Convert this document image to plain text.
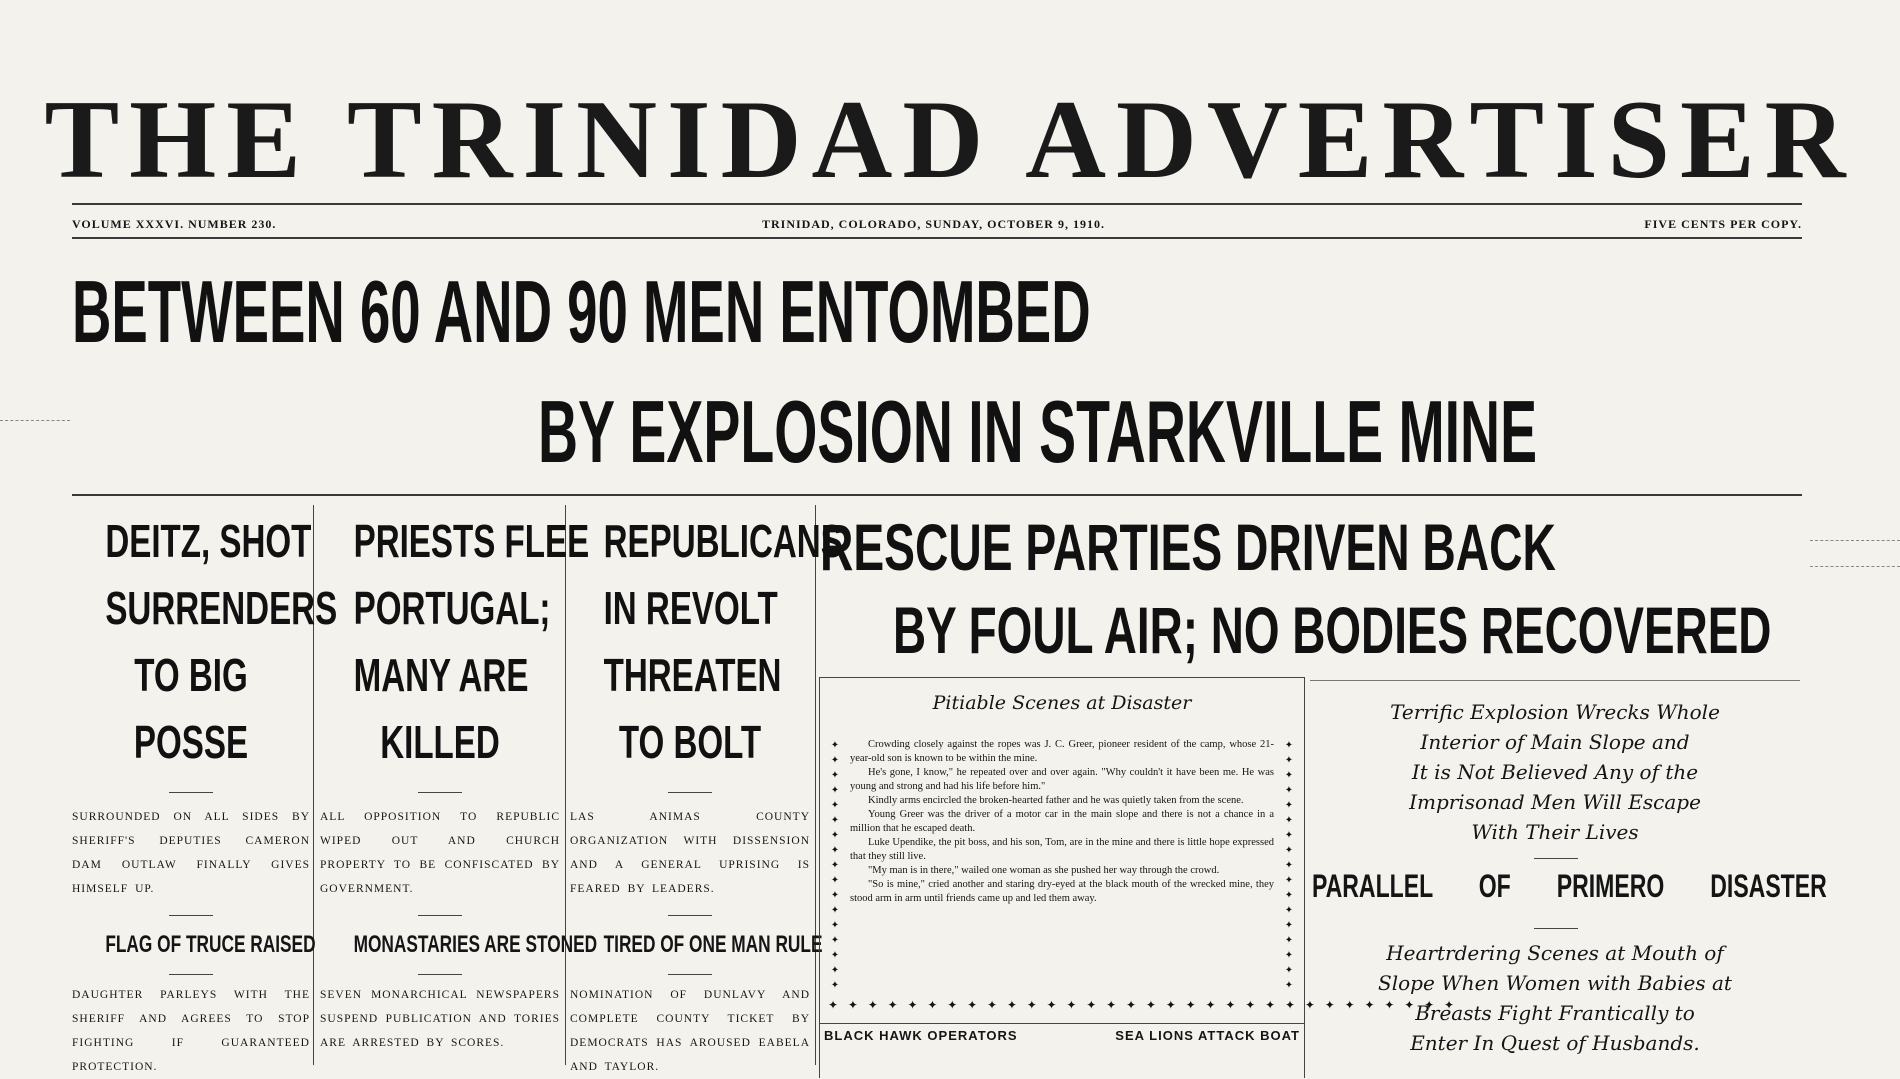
THE TRINIDAD ADVERTISER
VOLUME XXXVI. NUMBER 230.	TRINIDAD, COLORADO, SUNDAY, OCTOBER 9, 1910.	FIVE CENTS PER COPY.
BETWEEN 60 AND 90 MEN ENTOMBED
BY EXPLOSION IN STARKVILLE MINE
DEITZ, SHOT
SURRENDERS
TO BIG
POSSE
SURROUNDED ON ALL SIDES BY SHERIFF'S DEPUTIES CAMERON DAM OUTLAW FINALLY GIVES HIMSELF UP.
FLAG OF TRUCE RAISED
DAUGHTER PARLEYS WITH THE SHERIFF AND AGREES TO STOP FIGHTING IF GUARANTEED PROTECTION.
PRIESTS FLEE
PORTUGAL;
MANY ARE
KILLED
ALL OPPOSITION TO REPUBLIC WIPED OUT AND CHURCH PROPERTY TO BE CONFISCATED BY GOVERNMENT.
MONASTARIES ARE STONED
SEVEN MONARCHICAL NEWSPAPERS SUSPEND PUBLICATION AND TORIES ARE ARRESTED BY SCORES.
REPUBLICANS
IN REVOLT
THREATEN
TO BOLT
LAS ANIMAS COUNTY ORGANIZATION WITH DISSENSION AND A GENERAL UPRISING IS FEARED BY LEADERS.
TIRED OF ONE MAN RULE
NOMINATION OF DUNLAVY AND COMPLETE COUNTY TICKET BY DEMOCRATS HAS AROUSED EABELA AND TAYLOR.
RESCUE PARTIES DRIVEN BACK
BY FOUL AIR; NO BODIES RECOVERED
Pitiable Scenes at Disaster
✦
✦
✦
✦
✦
✦
✦
✦
✦
✦
✦
✦
✦
✦
✦
✦
✦
✦
✦
✦
✦
✦
✦
✦
✦
✦
✦
✦
✦
✦
✦
✦
✦
✦

Crowding closely against the ropes was J. C. Greer, pioneer resident of the camp, whose 21-year-old son is known to be within the mine.

He's gone, I know," he repeated over and over again. "Why couldn't it have been me. He was young and strong and had his life before him."

Kindly arms encircled the broken-hearted father and he was quietly taken from the scene.

Young Greer was the driver of a motor car in the main slope and there is not a chance in a million that he escaped death.

Luke Upendike, the pit boss, and his son, Tom, are in the mine and there is little hope expressed that they still live.

"My man is in there," wailed one woman as she pushed her way through the crowd.

"So is mine," cried another and staring dry-eyed at the black mouth of the wrecked mine, they stood arm in arm until friends came up and led them away.

✦ ✦ ✦ ✦ ✦ ✦ ✦ ✦ ✦ ✦ ✦ ✦ ✦ ✦ ✦ ✦ ✦ ✦ ✦ ✦ ✦ ✦ ✦ ✦ ✦ ✦ ✦ ✦ ✦ ✦ ✦ ✦
BLACK HAWK OPERATORS	SEA LIONS ATTACK BOAT
Terrific Explosion Wrecks Whole
Interior of Main Slope and
It is Not Believed Any of the
Imprisonad Men Will Escape
With Their Lives
PARALLEL OF PRIMERO DISASTER
Heartrdering Scenes at Mouth of
Slope When Women with Babies at
Breasts Fight Frantically to
Enter In Quest of Husbands.
